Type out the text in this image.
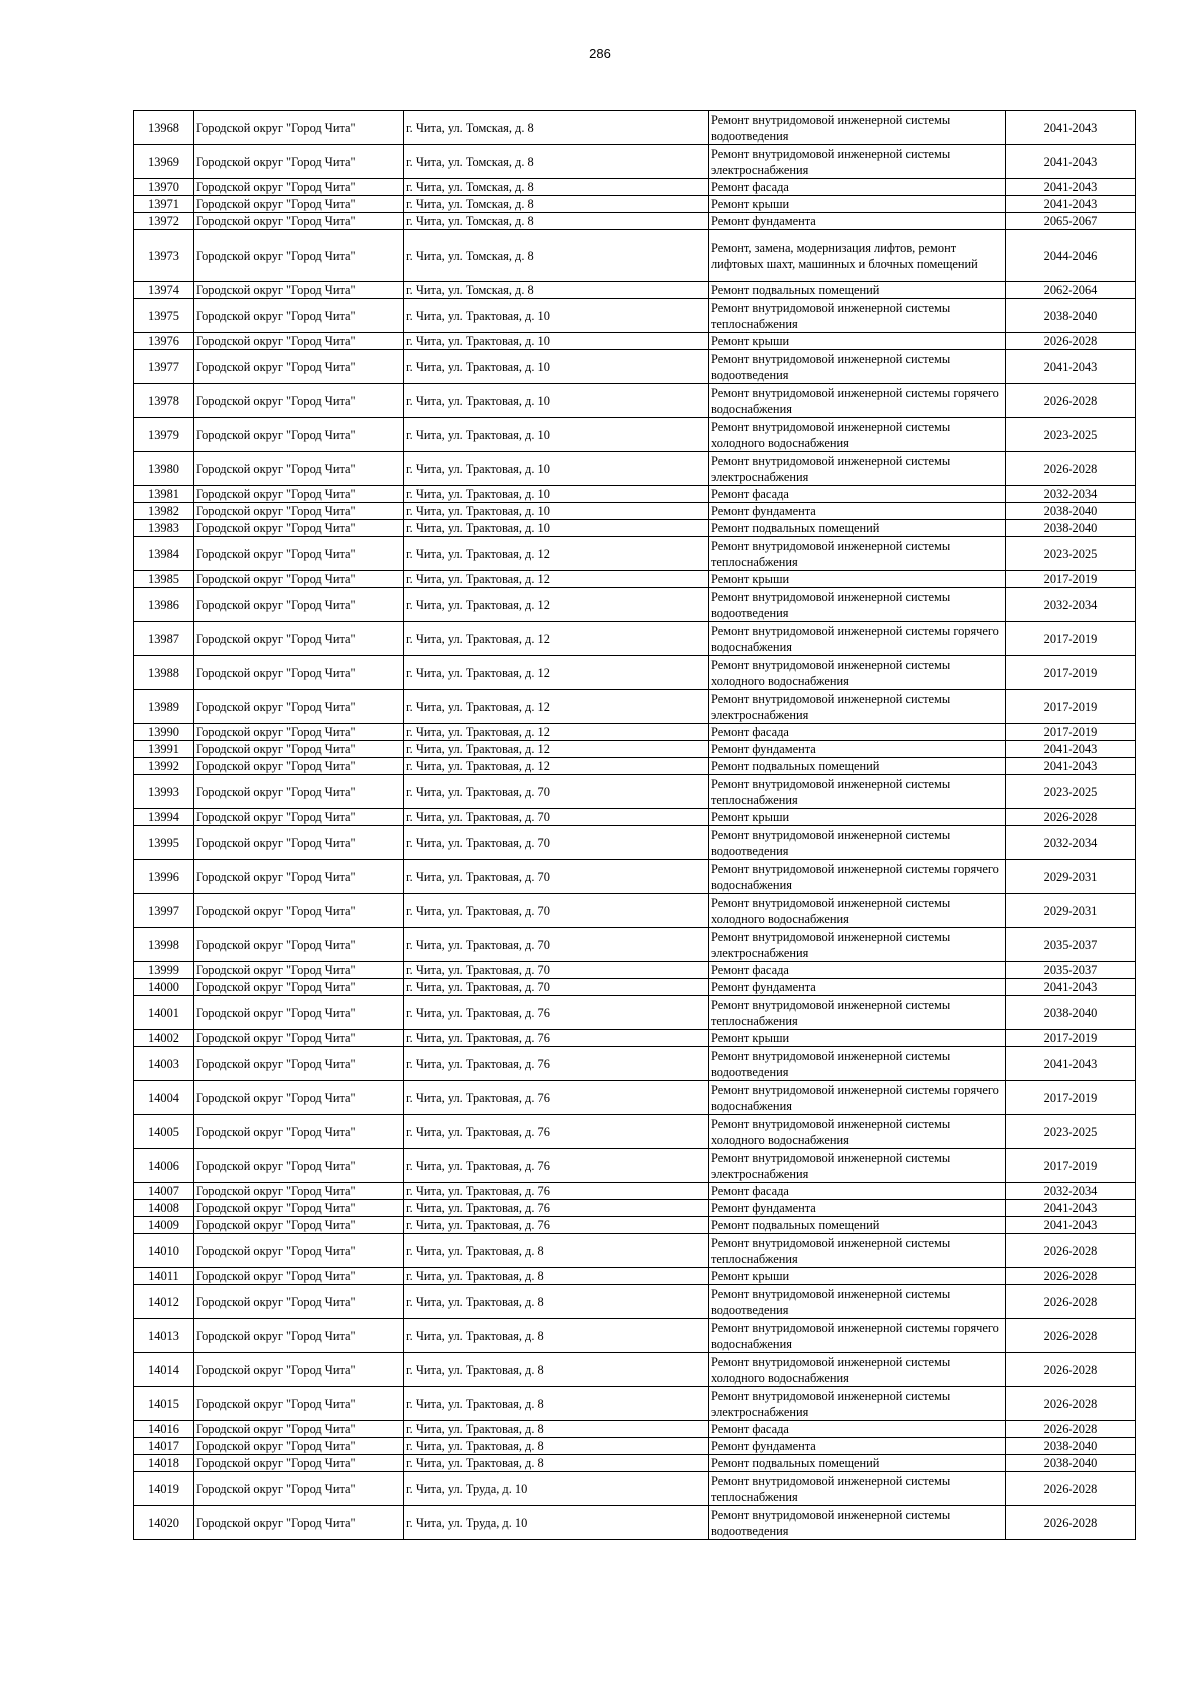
286
13968	Городской округ "Город Чита"	г. Чита, ул. Томская, д. 8	Ремонт внутридомовой инженерной системы водоотведения	2041-2043
13969	Городской округ "Город Чита"	г. Чита, ул. Томская, д. 8	Ремонт внутридомовой инженерной системы электроснабжения	2041-2043
13970	Городской округ "Город Чита"	г. Чита, ул. Томская, д. 8	Ремонт фасада	2041-2043
13971	Городской округ "Город Чита"	г. Чита, ул. Томская, д. 8	Ремонт крыши	2041-2043
13972	Городской округ "Город Чита"	г. Чита, ул. Томская, д. 8	Ремонт фундамента	2065-2067
13973	Городской округ "Город Чита"	г. Чита, ул. Томская, д. 8	Ремонт, замена, модернизация лифтов, ремонт лифтовых шахт, машинных и блочных помещений	2044-2046
13974	Городской округ "Город Чита"	г. Чита, ул. Томская, д. 8	Ремонт подвальных помещений	2062-2064
13975	Городской округ "Город Чита"	г. Чита, ул. Трактовая, д. 10	Ремонт внутридомовой инженерной системы теплоснабжения	2038-2040
13976	Городской округ "Город Чита"	г. Чита, ул. Трактовая, д. 10	Ремонт крыши	2026-2028
13977	Городской округ "Город Чита"	г. Чита, ул. Трактовая, д. 10	Ремонт внутридомовой инженерной системы водоотведения	2041-2043
13978	Городской округ "Город Чита"	г. Чита, ул. Трактовая, д. 10	Ремонт внутридомовой инженерной системы горячего водоснабжения	2026-2028
13979	Городской округ "Город Чита"	г. Чита, ул. Трактовая, д. 10	Ремонт внутридомовой инженерной системы холодного водоснабжения	2023-2025
13980	Городской округ "Город Чита"	г. Чита, ул. Трактовая, д. 10	Ремонт внутридомовой инженерной системы электроснабжения	2026-2028
13981	Городской округ "Город Чита"	г. Чита, ул. Трактовая, д. 10	Ремонт фасада	2032-2034
13982	Городской округ "Город Чита"	г. Чита, ул. Трактовая, д. 10	Ремонт фундамента	2038-2040
13983	Городской округ "Город Чита"	г. Чита, ул. Трактовая, д. 10	Ремонт подвальных помещений	2038-2040
13984	Городской округ "Город Чита"	г. Чита, ул. Трактовая, д. 12	Ремонт внутридомовой инженерной системы теплоснабжения	2023-2025
13985	Городской округ "Город Чита"	г. Чита, ул. Трактовая, д. 12	Ремонт крыши	2017-2019
13986	Городской округ "Город Чита"	г. Чита, ул. Трактовая, д. 12	Ремонт внутридомовой инженерной системы водоотведения	2032-2034
13987	Городской округ "Город Чита"	г. Чита, ул. Трактовая, д. 12	Ремонт внутридомовой инженерной системы горячего водоснабжения	2017-2019
13988	Городской округ "Город Чита"	г. Чита, ул. Трактовая, д. 12	Ремонт внутридомовой инженерной системы холодного водоснабжения	2017-2019
13989	Городской округ "Город Чита"	г. Чита, ул. Трактовая, д. 12	Ремонт внутридомовой инженерной системы электроснабжения	2017-2019
13990	Городской округ "Город Чита"	г. Чита, ул. Трактовая, д. 12	Ремонт фасада	2017-2019
13991	Городской округ "Город Чита"	г. Чита, ул. Трактовая, д. 12	Ремонт фундамента	2041-2043
13992	Городской округ "Город Чита"	г. Чита, ул. Трактовая, д. 12	Ремонт подвальных помещений	2041-2043
13993	Городской округ "Город Чита"	г. Чита, ул. Трактовая, д. 70	Ремонт внутридомовой инженерной системы теплоснабжения	2023-2025
13994	Городской округ "Город Чита"	г. Чита, ул. Трактовая, д. 70	Ремонт крыши	2026-2028
13995	Городской округ "Город Чита"	г. Чита, ул. Трактовая, д. 70	Ремонт внутридомовой инженерной системы водоотведения	2032-2034
13996	Городской округ "Город Чита"	г. Чита, ул. Трактовая, д. 70	Ремонт внутридомовой инженерной системы горячего водоснабжения	2029-2031
13997	Городской округ "Город Чита"	г. Чита, ул. Трактовая, д. 70	Ремонт внутридомовой инженерной системы холодного водоснабжения	2029-2031
13998	Городской округ "Город Чита"	г. Чита, ул. Трактовая, д. 70	Ремонт внутридомовой инженерной системы электроснабжения	2035-2037
13999	Городской округ "Город Чита"	г. Чита, ул. Трактовая, д. 70	Ремонт фасада	2035-2037
14000	Городской округ "Город Чита"	г. Чита, ул. Трактовая, д. 70	Ремонт фундамента	2041-2043
14001	Городской округ "Город Чита"	г. Чита, ул. Трактовая, д. 76	Ремонт внутридомовой инженерной системы теплоснабжения	2038-2040
14002	Городской округ "Город Чита"	г. Чита, ул. Трактовая, д. 76	Ремонт крыши	2017-2019
14003	Городской округ "Город Чита"	г. Чита, ул. Трактовая, д. 76	Ремонт внутридомовой инженерной системы водоотведения	2041-2043
14004	Городской округ "Город Чита"	г. Чита, ул. Трактовая, д. 76	Ремонт внутридомовой инженерной системы горячего водоснабжения	2017-2019
14005	Городской округ "Город Чита"	г. Чита, ул. Трактовая, д. 76	Ремонт внутридомовой инженерной системы холодного водоснабжения	2023-2025
14006	Городской округ "Город Чита"	г. Чита, ул. Трактовая, д. 76	Ремонт внутридомовой инженерной системы электроснабжения	2017-2019
14007	Городской округ "Город Чита"	г. Чита, ул. Трактовая, д. 76	Ремонт фасада	2032-2034
14008	Городской округ "Город Чита"	г. Чита, ул. Трактовая, д. 76	Ремонт фундамента	2041-2043
14009	Городской округ "Город Чита"	г. Чита, ул. Трактовая, д. 76	Ремонт подвальных помещений	2041-2043
14010	Городской округ "Город Чита"	г. Чита, ул. Трактовая, д. 8	Ремонт внутридомовой инженерной системы теплоснабжения	2026-2028
14011	Городской округ "Город Чита"	г. Чита, ул. Трактовая, д. 8	Ремонт крыши	2026-2028
14012	Городской округ "Город Чита"	г. Чита, ул. Трактовая, д. 8	Ремонт внутридомовой инженерной системы водоотведения	2026-2028
14013	Городской округ "Город Чита"	г. Чита, ул. Трактовая, д. 8	Ремонт внутридомовой инженерной системы горячего водоснабжения	2026-2028
14014	Городской округ "Город Чита"	г. Чита, ул. Трактовая, д. 8	Ремонт внутридомовой инженерной системы холодного водоснабжения	2026-2028
14015	Городской округ "Город Чита"	г. Чита, ул. Трактовая, д. 8	Ремонт внутридомовой инженерной системы электроснабжения	2026-2028
14016	Городской округ "Город Чита"	г. Чита, ул. Трактовая, д. 8	Ремонт фасада	2026-2028
14017	Городской округ "Город Чита"	г. Чита, ул. Трактовая, д. 8	Ремонт фундамента	2038-2040
14018	Городской округ "Город Чита"	г. Чита, ул. Трактовая, д. 8	Ремонт подвальных помещений	2038-2040
14019	Городской округ "Город Чита"	г. Чита, ул. Труда, д. 10	Ремонт внутридомовой инженерной системы теплоснабжения	2026-2028
14020	Городской округ "Город Чита"	г. Чита, ул. Труда, д. 10	Ремонт внутридомовой инженерной системы водоотведения	2026-2028
